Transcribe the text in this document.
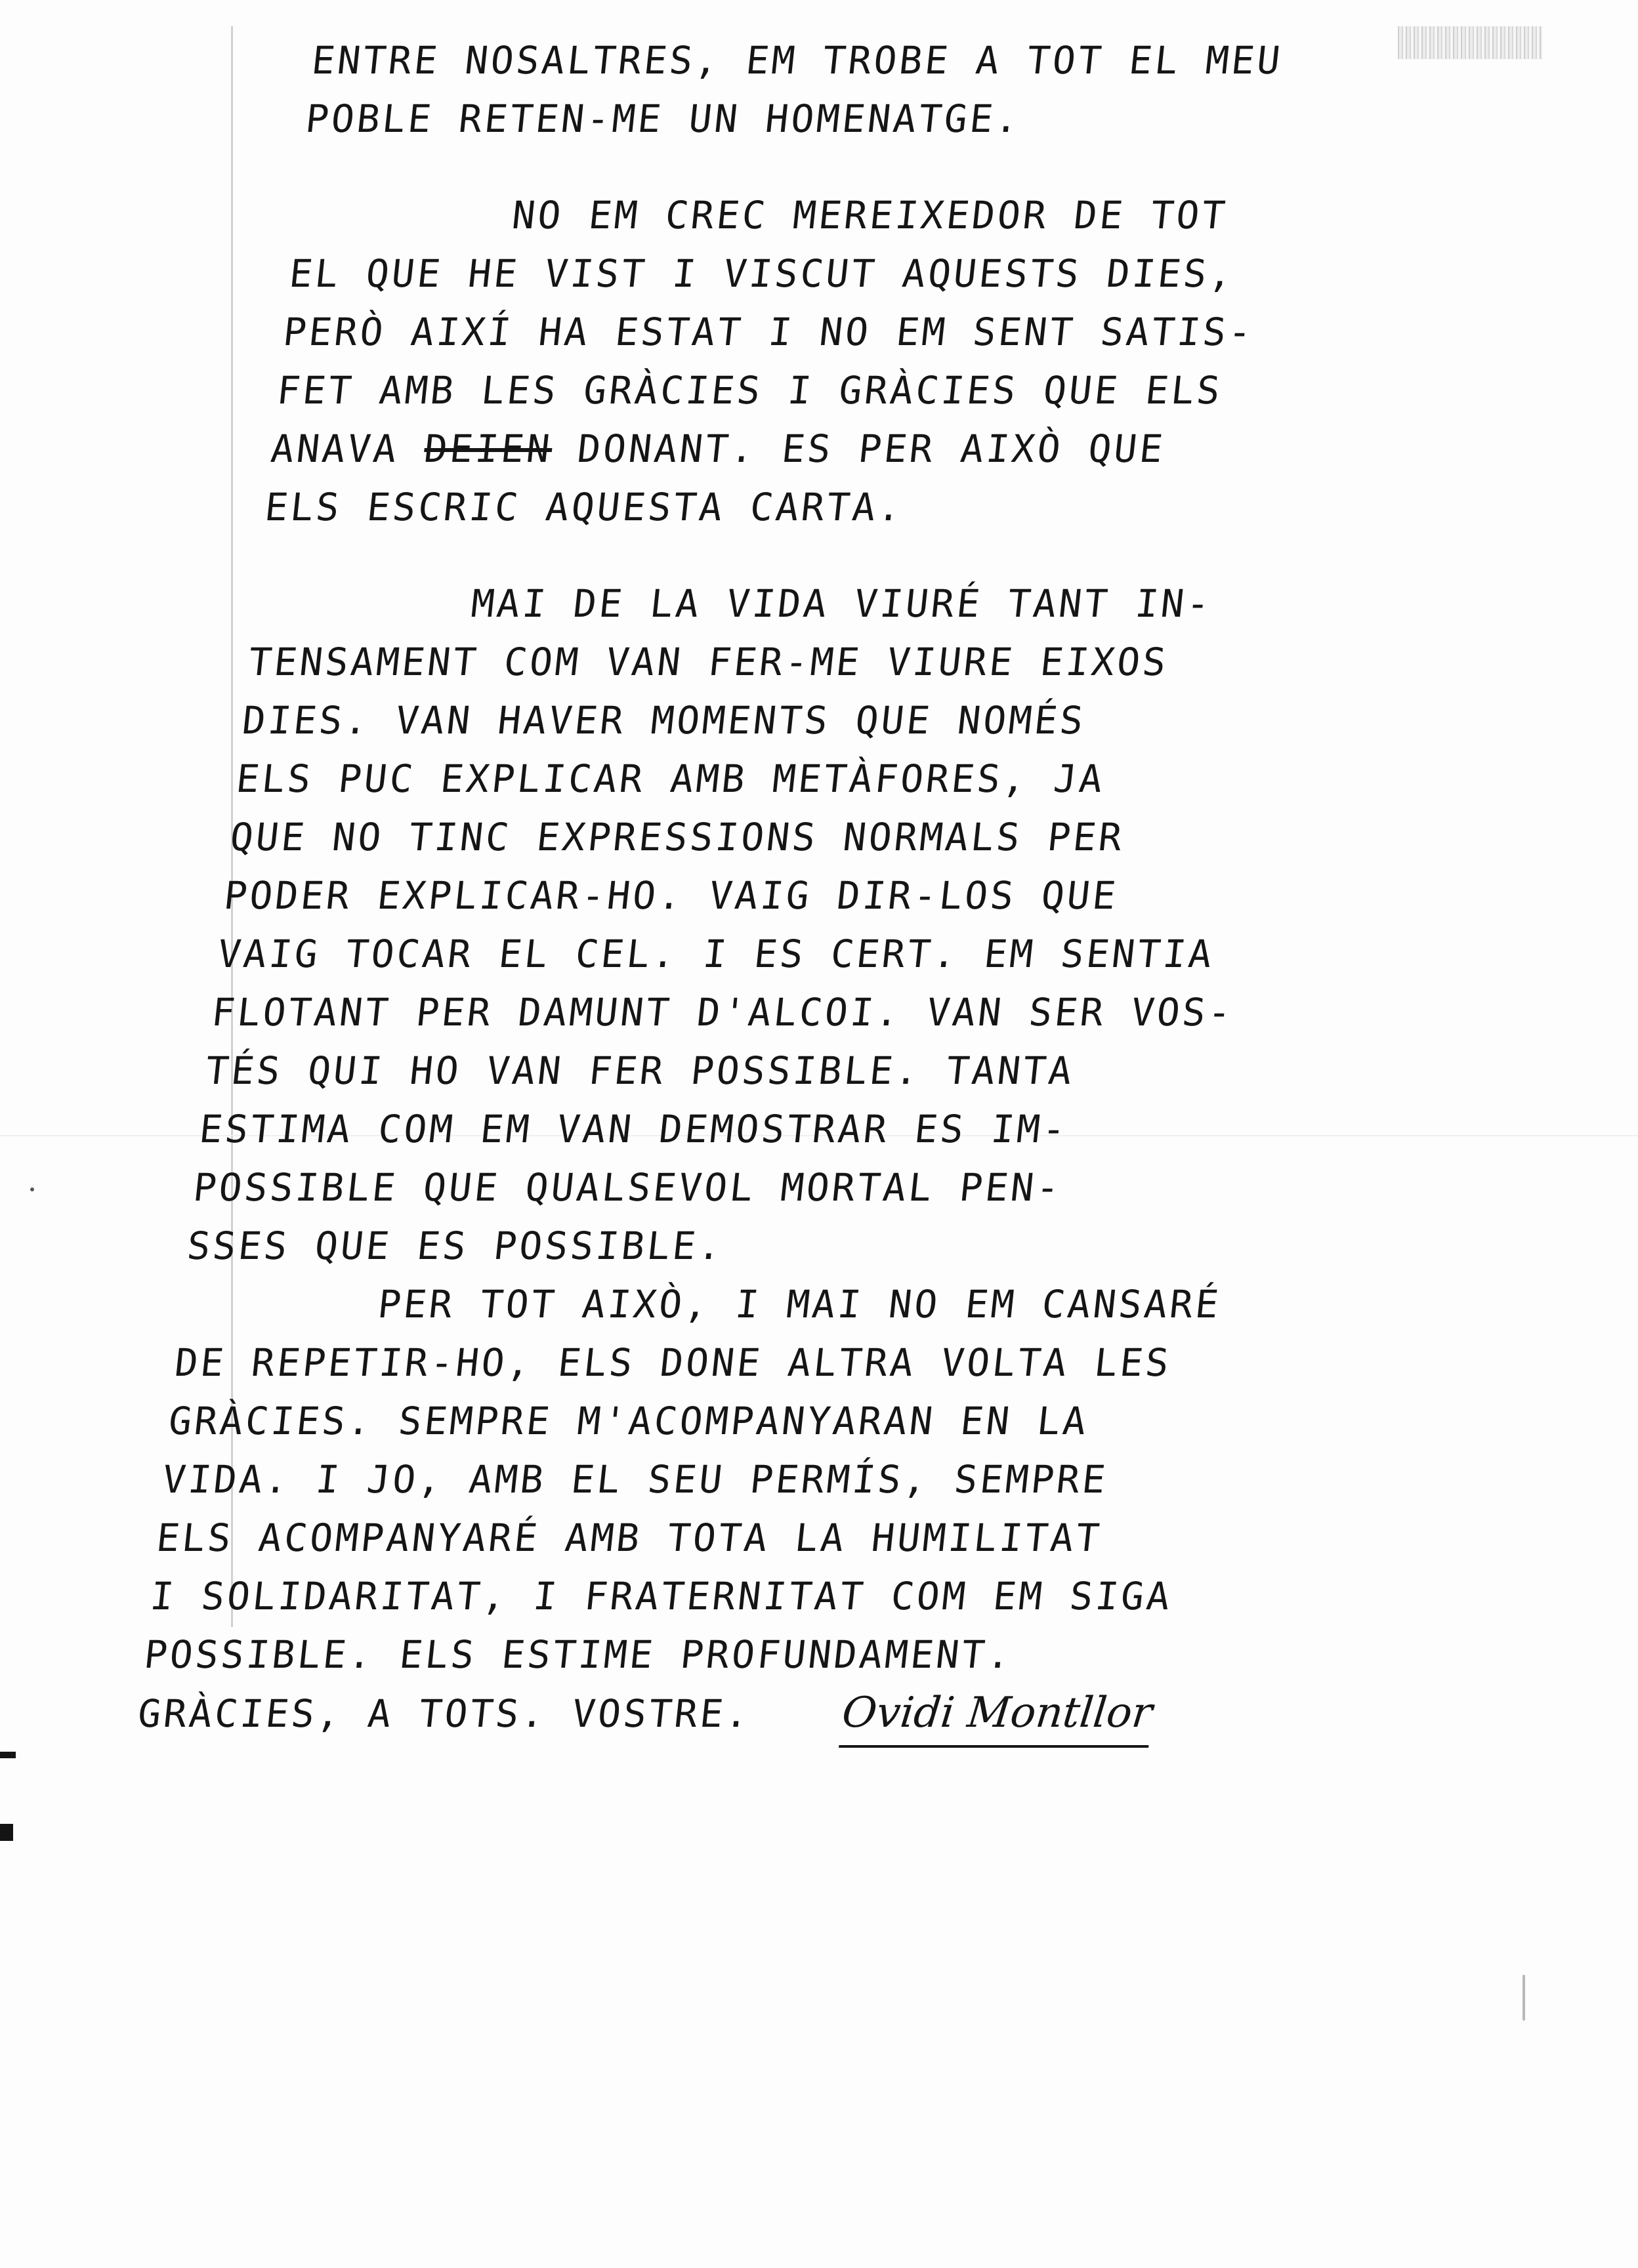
ENTRE NOSALTRES, EM TROBE A TOT EL MEU
POBLE RETEN-ME UN HOMENATGE.
NO EM CREC MEREIXEDOR DE TOT
EL QUE HE VIST I VISCUT AQUESTS DIES,
PERÒ AIXÍ HA ESTAT I NO EM SENT SATIS-
FET AMB LES GRÀCIES I GRÀCIES QUE ELS
ANAVA DEIEN DONANT. ES PER AIXÒ QUE
ELS ESCRIC AQUESTA CARTA.
MAI DE LA VIDA VIURÉ TANT IN-
TENSAMENT COM VAN FER-ME VIURE EIXOS
DIES. VAN HAVER MOMENTS QUE NOMÉS
ELS PUC EXPLICAR AMB METÀFORES, JA
QUE NO TINC EXPRESSIONS NORMALS PER
PODER EXPLICAR-HO. VAIG DIR-LOS QUE
VAIG TOCAR EL CEL. I ES CERT. EM SENTIA
FLOTANT PER DAMUNT D'ALCOI. VAN SER VOS-
TÉS QUI HO VAN FER POSSIBLE. TANTA
ESTIMA COM EM VAN DEMOSTRAR ES IM-
POSSIBLE QUE QUALSEVOL MORTAL PEN-
SSES QUE ES POSSIBLE.
PER TOT AIXÒ, I MAI NO EM CANSARÉ
DE REPETIR-HO, ELS DONE ALTRA VOLTA LES
GRÀCIES. SEMPRE M'ACOMPANYARAN EN LA
VIDA. I JO, AMB EL SEU PERMÍS, SEMPRE
ELS ACOMPANYARÉ AMB TOTA LA HUMILITAT
I SOLIDARITAT, I FRATERNITAT COM EM SIGA
POSSIBLE. ELS ESTIME PROFUNDAMENT.
GRÀCIES, A TOTS. VOSTRE. Ovidi Montllor
